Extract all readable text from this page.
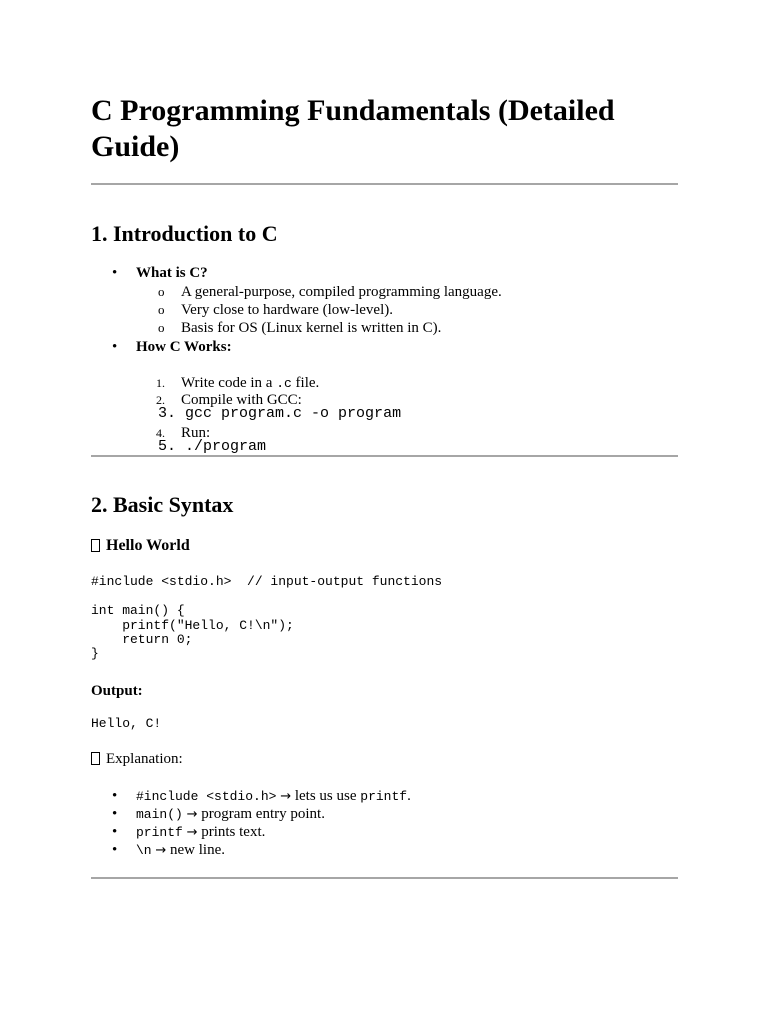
C Programming Fundamentals (Detailed Guide)
1. Introduction to C
• What is C?
o A general-purpose, compiled programming language.
o Very close to hardware (low-level).
o Basis for OS (Linux kernel is written in C).
• How C Works:
1. Write code in a .c file.
2. Compile with GCC:
3. gcc program.c -o program
4. Run:
5. ./program
2. Basic Syntax
Hello World
#include <stdio.h>  // input-output functions
int main() {
printf("Hello, C!\n");
return 0;
}
Output:
Hello, C!
Explanation:
• #include <stdio.h> → lets us use printf.
• main() → program entry point.
• printf → prints text.
• \n → new line.
